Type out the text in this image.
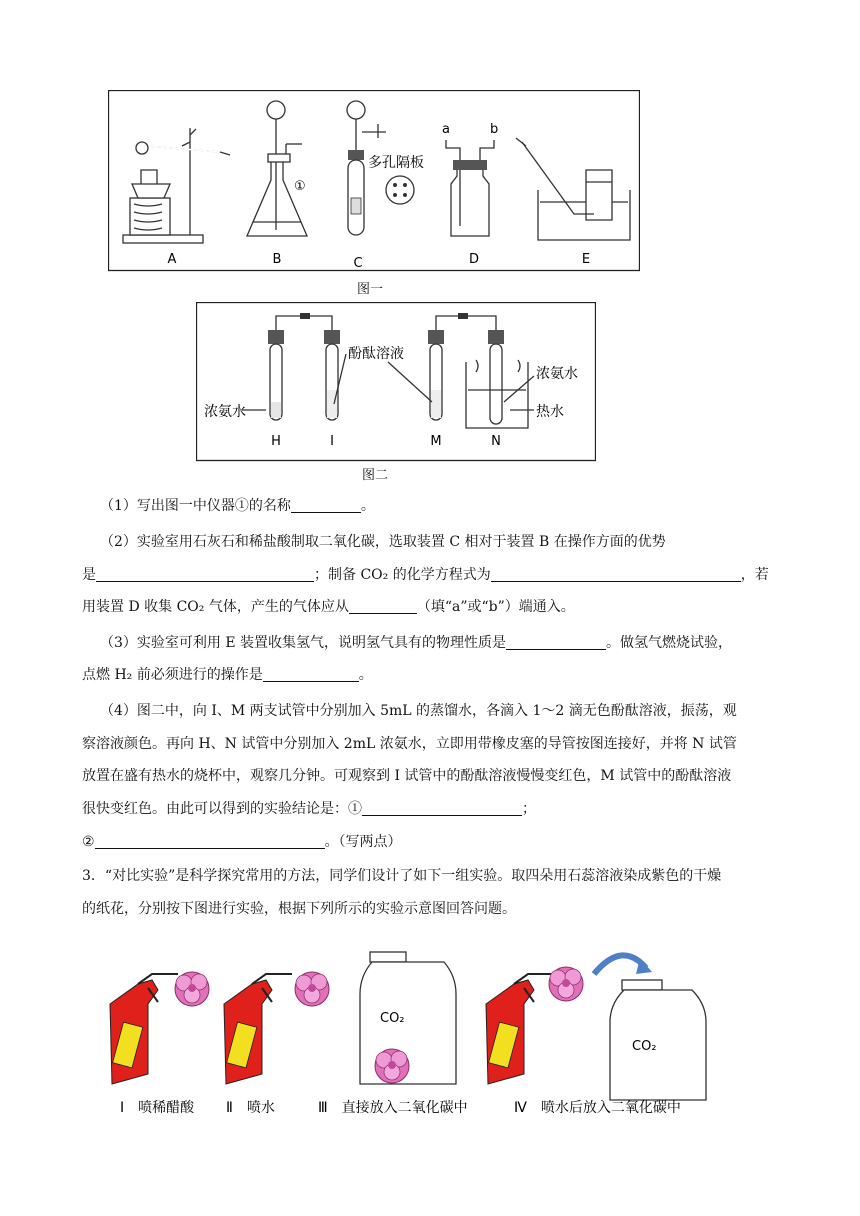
A
①
B
多孔隔板
C
a	b
D	E
图一
酚酞溶液
浓氨水
浓氨水
热水
H	I	M	N
图二
（1）写出图一中仪器①的名称	。
（2）实验室用石灰石和稀盐酸制取二氧化碳，选取装置 C 相对于装置 B 在操作方面的优势
是	；制备 CO₂ 的化学方程式为	，若
用装置 D 收集 CO₂ 气体，产生的气体应从	（填“a”或“b”）端通入。
（3）实验室可利用 E 装置收集氢气，说明氢气具有的物理性质是	。做氢气燃烧试验，
点燃 H₂ 前必须进行的操作是	。
（4）图二中，向 I、M 两支试管中分别加入 5mL 的蒸馏水，各滴入 1～2 滴无色酚酞溶液，振荡，观
察溶液颜色。再向 H、N 试管中分别加入 2mL 浓氨水，立即用带橡皮塞的导管按图连接好，并将 N 试管
放置在盛有热水的烧杯中，观察几分钟。可观察到 I 试管中的酚酞溶液慢慢变红色，M 试管中的酚酞溶液
很快变红色。由此可以得到的实验结论是：①	；
②	。（写两点）
3．“对比实验”是科学探究常用的方法，同学们设计了如下一组实验。取四朵用石蕊溶液染成紫色的干燥
的纸花，分别按下图进行实验，根据下列所示的实验示意图回答问题。
CO₂
CO₂
Ⅰ　喷稀醋酸 Ⅱ　喷水	Ⅲ　直接放入二氧化碳中	Ⅳ　喷水后放入二氧化碳中
